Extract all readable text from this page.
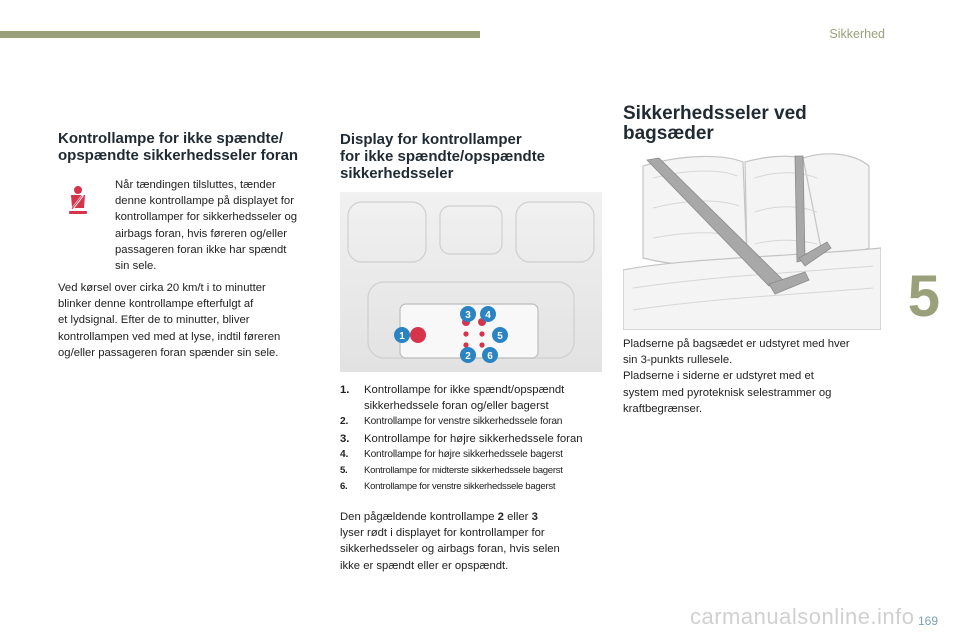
Sikkerhed
5
169
Kontrollampe for ikke spændte/
opspændte sikkerhedsseler foran
Når tændingen tilsluttes, tænder
denne kontrollampe på displayet for
kontrollamper for sikkerhedsseler og
airbags foran, hvis føreren og/eller
passageren foran ikke har spændt
sin sele.
Ved kørsel over cirka 20 km/t i to minutter
blinker denne kontrollampe efterfulgt af
et lydsignal. Efter de to minutter, bliver
kontrollampen ved med at lyse, indtil føreren
og/eller passageren foran spænder sin sele.
Display for kontrollamper
for ikke spændte/opspændte
sikkerhedsseler
1
3 4
5
2 6
1. Kontrollampe for ikke spændt/opspændt
sikkerhedssele foran og/eller bagerst
2. Kontrollampe for venstre sikkerhedssele foran
3. Kontrollampe for højre sikkerhedssele foran
4. Kontrollampe for højre sikkerhedssele bagerst
5. Kontrollampe for midterste sikkerhedssele bagerst
6. Kontrollampe for venstre sikkerhedssele bagerst
Den pågældende kontrollampe 2 eller 3
lyser rødt i displayet for kontrollamper for
sikkerhedsseler og airbags foran, hvis selen
ikke er spændt eller er opspændt.
Sikkerhedsseler ved
bagsæder
Pladserne på bagsædet er udstyret med hver
sin 3-punkts rullesele.
Pladserne i siderne er udstyret med et
system med pyroteknisk selestrammer og
kraftbegrænser.
carmanualsonline.info
